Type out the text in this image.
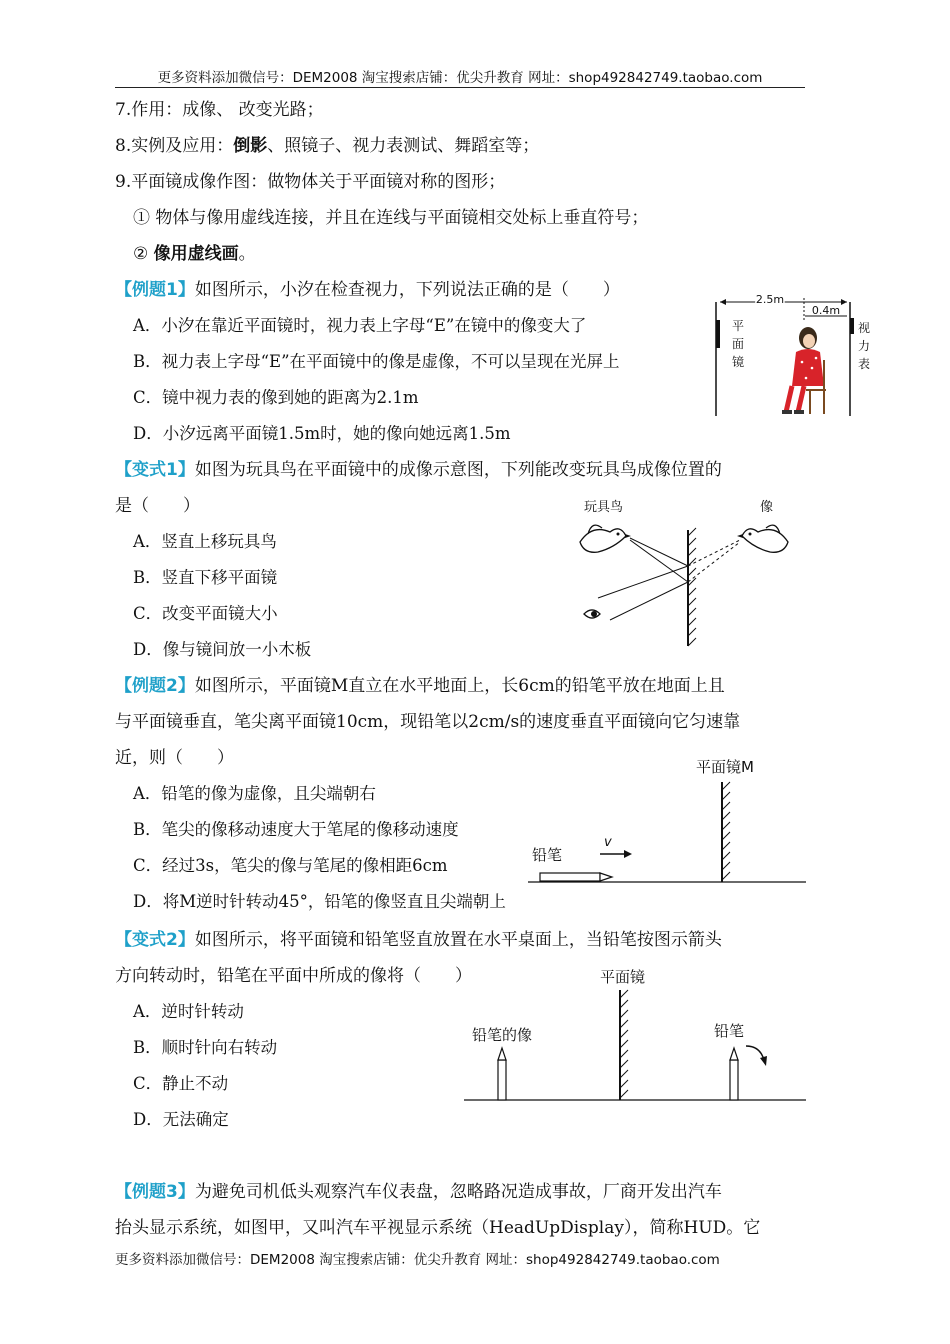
更多资料添加微信号：DEM2008 淘宝搜索店铺：优尖升教育 网址：shop492842749.taobao.com
7.作用：成像、 改变光路；
8.实例及应用：倒影、照镜子、视力表测试、舞蹈室等；
9.平面镜成像作图：做物体关于平面镜对称的图形；
① 物体与像用虚线连接，并且在连线与平面镜相交处标上垂直符号；
② 像用虚线画。
【例题1】如图所示，小汐在检查视力，下列说法正确的是（　　）
A．小汐在靠近平面镜时，视力表上字母“E”在镜中的像变大了
B．视力表上字母“E”在平面镜中的像是虚像，不可以呈现在光屏上
C．镜中视力表的像到她的距离为2.1m
D．小汐远离平面镜1.5m时，她的像向她远离1.5m
2.5m
0.4m
平
面
镜
视
力
表
【变式1】如图为玩具鸟在平面镜中的成像示意图，下列能改变玩具鸟成像位置的
是（　　）
A．竖直上移玩具鸟
B．竖直下移平面镜
C．改变平面镜大小
D．像与镜间放一小木板
玩具鸟	像
【例题2】如图所示，平面镜M直立在水平地面上，长6cm的铅笔平放在地面上且
与平面镜垂直，笔尖离平面镜10cm，现铅笔以2cm/s的速度垂直平面镜向它匀速靠
近，则（　　）
A．铅笔的像为虚像，且尖端朝右
B．笔尖的像移动速度大于笔尾的像移动速度
C．经过3s，笔尖的像与笔尾的像相距6cm
D．将M逆时针转动45°，铅笔的像竖直且尖端朝上
平面镜M
铅笔
v
【变式2】如图所示，将平面镜和铅笔竖直放置在水平桌面上，当铅笔按图示箭头
方向转动时，铅笔在平面中所成的像将（　　）
A．逆时针转动
B．顺时针向右转动
C．静止不动
D．无法确定
平面镜
铅笔的像	铅笔
【例题3】为避免司机低头观察汽车仪表盘，忽略路况造成事故，厂商开发出汽车
抬头显示系统，如图甲，又叫汽车平视显示系统（HeadUpDisplay），简称HUD。它
更多资料添加微信号：DEM2008 淘宝搜索店铺：优尖升教育 网址：shop492842749.taobao.com
